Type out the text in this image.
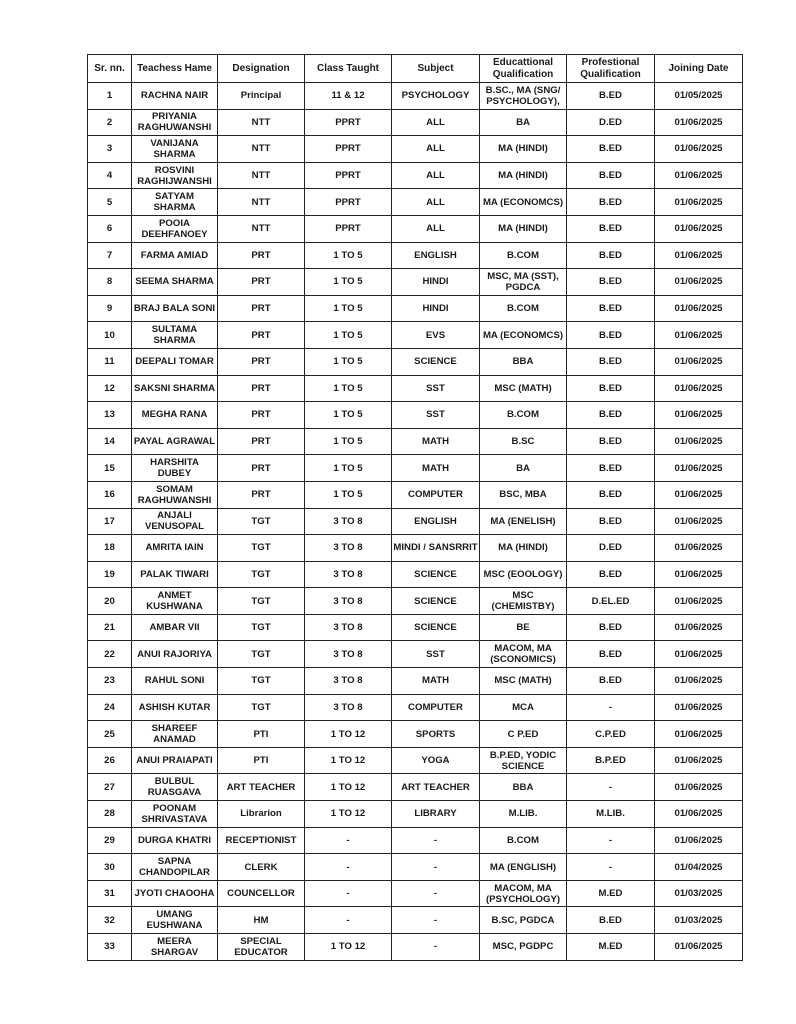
Sr. nn.	Teachess Hame	Designation	Class Taught	Subject	Educattional Qualification	Profestional Qualification	Joining Date
1	RACHNA NAIR	Principal	11 & 12	PSYCHOLOGY	B.SC., MA (SNG/ PSYCHOLOGY),	B.ED	01/05/2025
2	PRIYANIA RAGHUWANSHI	NTT	PPRT	ALL	BA	D.ED	01/06/2025
3	VANIJANA SHARMA	NTT	PPRT	ALL	MA (HINDI)	B.ED	01/06/2025
4	ROSVINI RAGHIJWANSHI	NTT	PPRT	ALL	MA (HINDI)	B.ED	01/06/2025
5	SATYAM SHARMA	NTT	PPRT	ALL	MA (ECONOMCS)	B.ED	01/06/2025
6	POOIA DEEHFANOEY	NTT	PPRT	ALL	MA (HINDI)	B.ED	01/06/2025
7	FARMA AMIAD	PRT	1 TO 5	ENGLISH	B.COM	B.ED	01/06/2025
8	SEEMA SHARMA	PRT	1 TO 5	HINDI	MSC, MA (SST), PGDCA	B.ED	01/06/2025
9	BRAJ BALA SONI	PRT	1 TO 5	HINDI	B.COM	B.ED	01/06/2025
10	SULTAMA SHARMA	PRT	1 TO 5	EVS	MA (ECONOMCS)	B.ED	01/06/2025
11	DEEPALI TOMAR	PRT	1 TO 5	SCIENCE	BBA	B.ED	01/06/2025
12	SAKSNI SHARMA	PRT	1 TO 5	SST	MSC (MATH)	B.ED	01/06/2025
13	MEGHA RANA	PRT	1 TO 5	SST	B.COM	B.ED	01/06/2025
14	PAYAL AGRAWAL	PRT	1 TO 5	MATH	B.SC	B.ED	01/06/2025
15	HARSHITA DUBEY	PRT	1 TO 5	MATH	BA	B.ED	01/06/2025
16	SOMAM RAGHUWANSHI	PRT	1 TO 5	COMPUTER	BSC, MBA	B.ED	01/06/2025
17	ANJALI VENUSOPAL	TGT	3 TO 8	ENGLISH	MA (ENELISH)	B.ED	01/06/2025
18	AMRITA IAIN	TGT	3 TO 8	MINDI / SANSRRIT	MA (HINDI)	D.ED	01/06/2025
19	PALAK TIWARI	TGT	3 TO 8	SCIENCE	MSC (EOOLOGY)	B.ED	01/06/2025
20	ANMET KUSHWANA	TGT	3 TO 8	SCIENCE	MSC (CHEMISTBY)	D.EL.ED	01/06/2025
21	AMBAR VII	TGT	3 TO 8	SCIENCE	BE	B.ED	01/06/2025
22	ANUI RAJORIYA	TGT	3 TO 8	SST	MACOM, MA (SCONOMICS)	B.ED	01/06/2025
23	RAHUL SONI	TGT	3 TO 8	MATH	MSC (MATH)	B.ED	01/06/2025
24	ASHISH KUTAR	TGT	3 TO 8	COMPUTER	MCA	-	01/06/2025
25	SHAREEF ANAMAD	PTI	1 TO 12	SPORTS	C P.ED	C.P.ED	01/06/2025
26	ANUI PRAIAPATI	PTI	1 TO 12	YOGA	B.P.ED, YODIC SCIENCE	B.P.ED	01/06/2025
27	BULBUL RUASGAVA	ART TEACHER	1 TO 12	ART TEACHER	BBA	-	01/06/2025
28	POONAM SHRIVASTAVA	Librarion	1 TO 12	LIBRARY	M.LIB.	M.LIB.	01/06/2025
29	DURGA KHATRI	RECEPTIONIST	-	-	B.COM	-	01/06/2025
30	SAPNA CHANDOPILAR	CLERK	-	-	MA (ENGLISH)	-	01/04/2025
31	JYOTI CHAOOHA	COUNCELLOR	-	-	MACOM, MA (PSYCHOLOGY)	M.ED	01/03/2025
32	UMANG EUSHWANA	HM	-	-	B.SC, PGDCA	B.ED	01/03/2025
33	MEERA SHARGAV	SPECIAL EDUCATOR	1 TO 12	-	MSC, PGDPC	M.ED	01/06/2025
